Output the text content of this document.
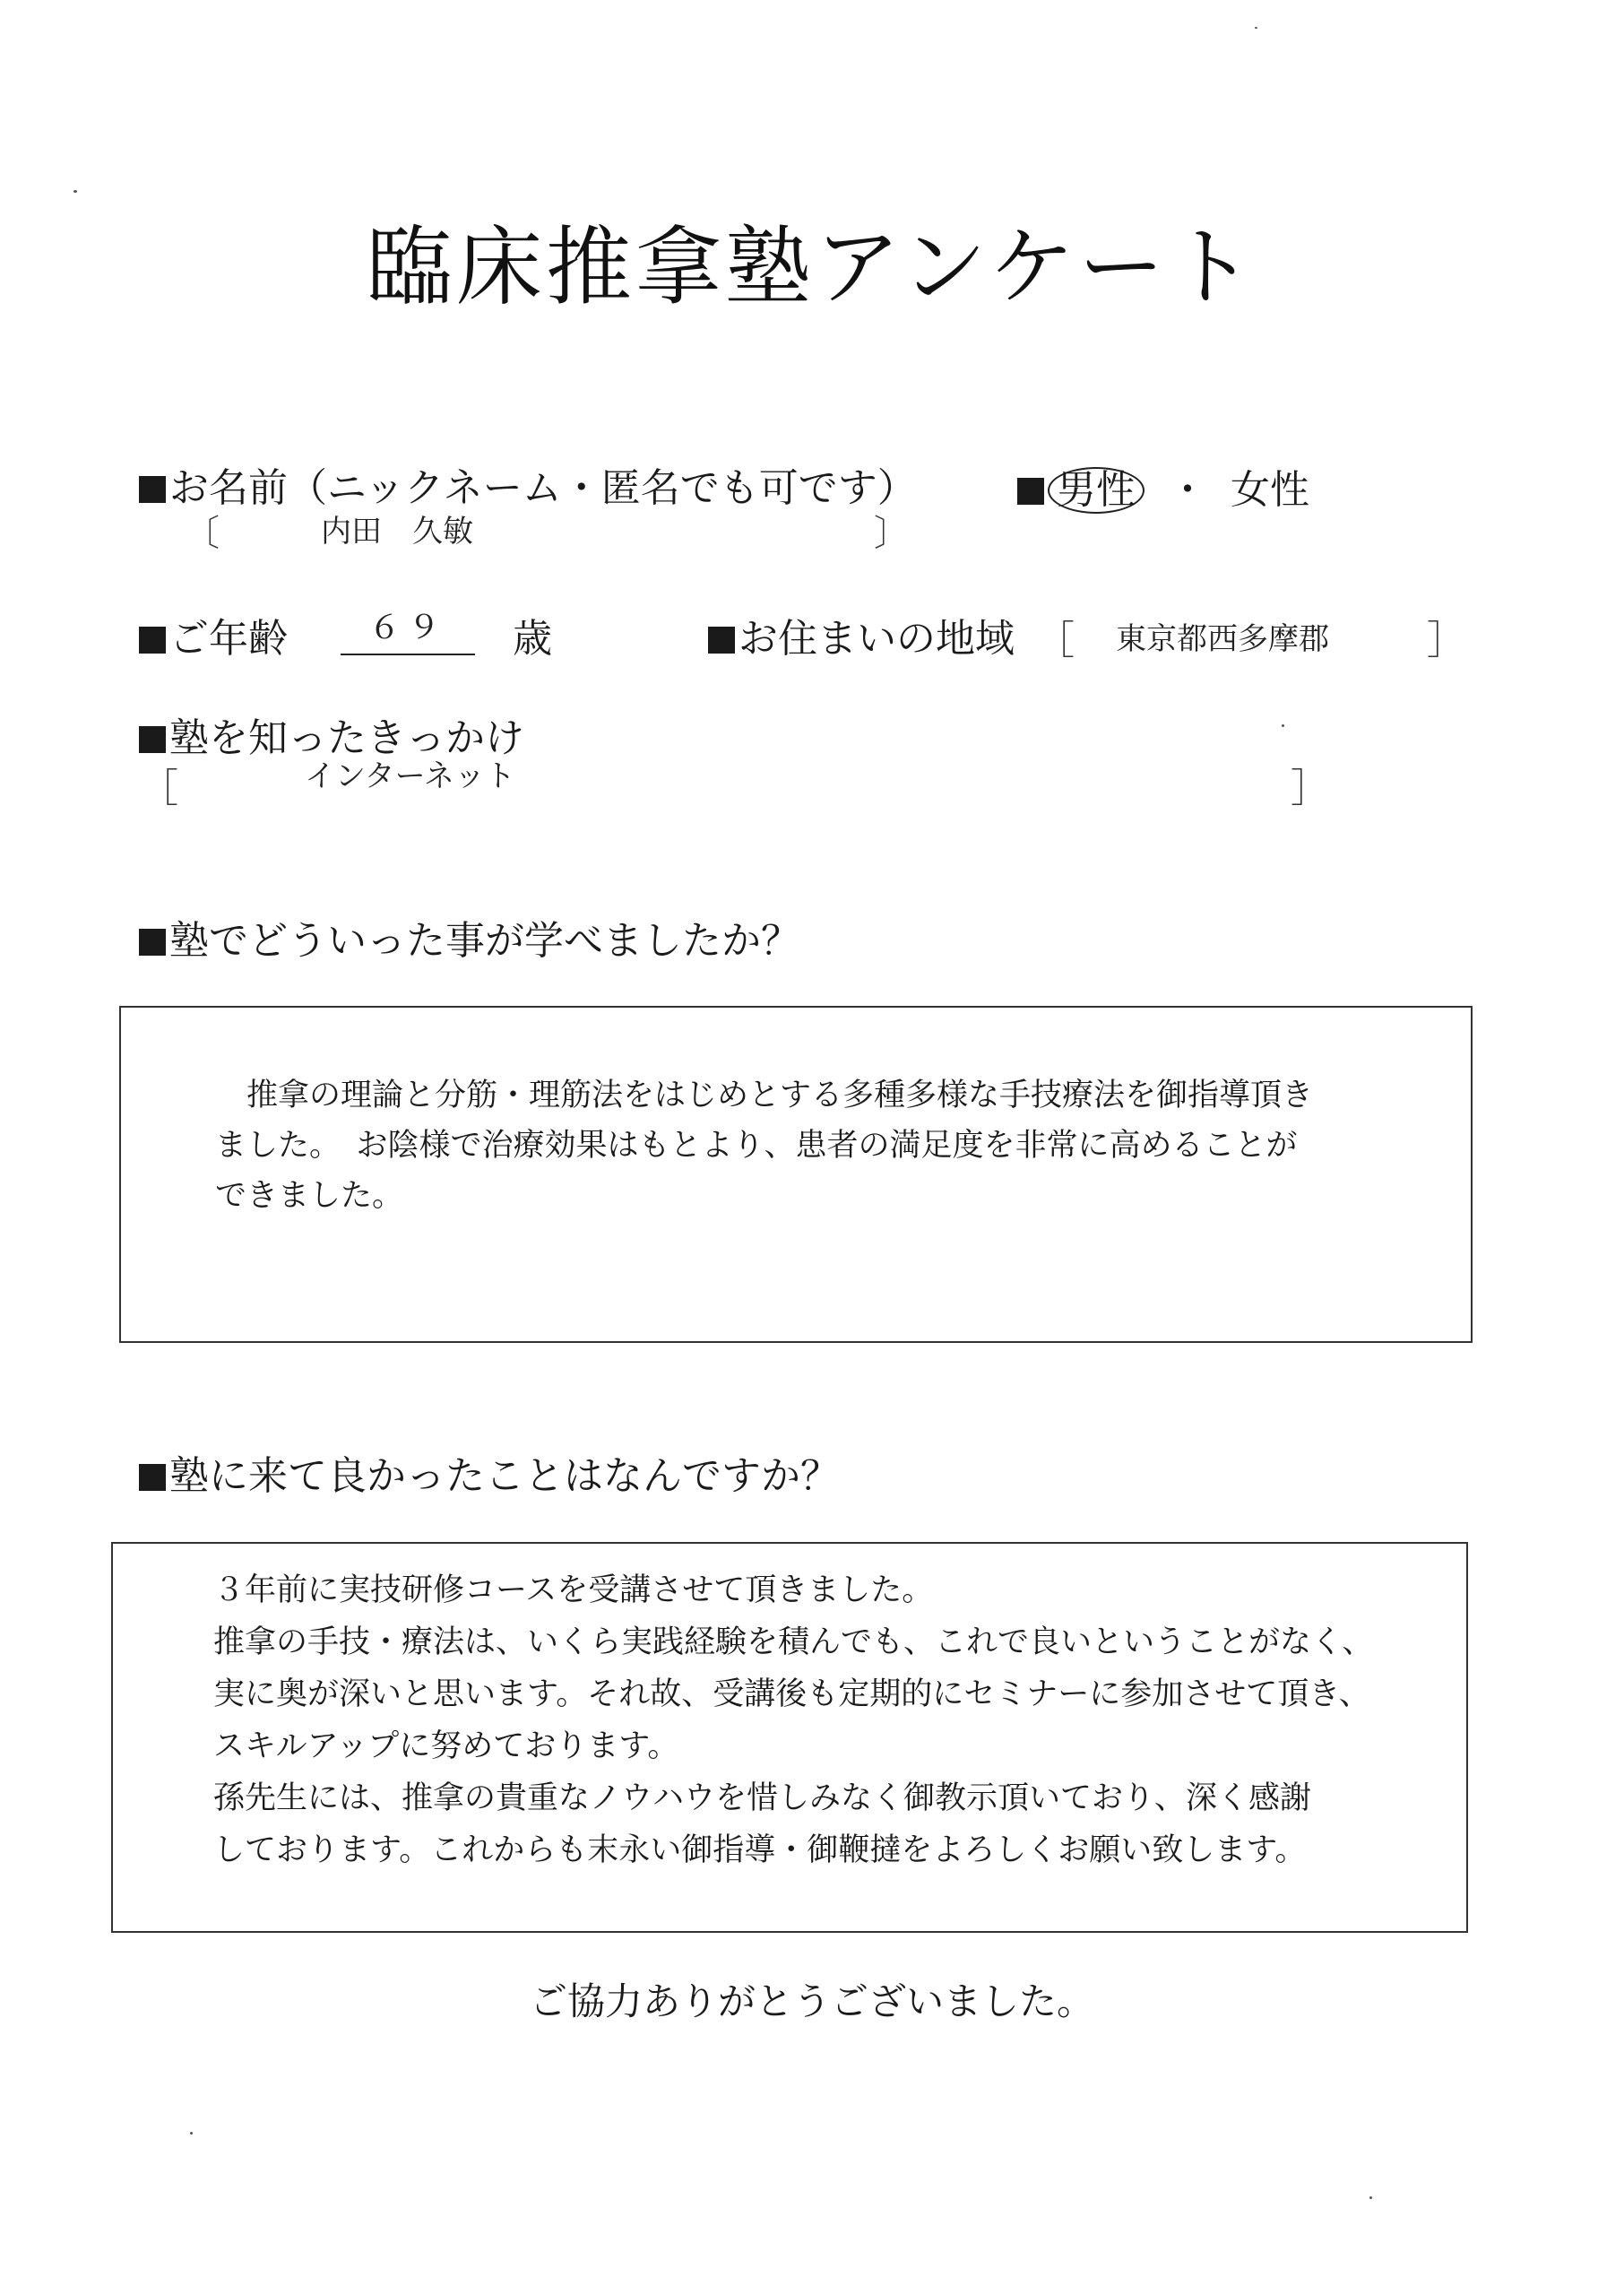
臨床推拿塾アンケート
お名前（ニックネーム・匿名でも可です）
〔	内田　久敏	〕
男性 ・ 女性
ご年齢	６９	歳	お住まいの地域 ［ 東京都西多摩郡 ］
塾を知ったきっかけ
［	インターネット	］
塾でどういった事が学べましたか？
　推拿の理論と分筋・理筋法をはじめとする多種多様な手技療法を御指導頂き
ました。　お陰様で治療効果はもとより、患者の満足度を非常に高めることが
できました。
塾に来て良かったことはなんですか？
３年前に実技研修コースを受講させて頂きました。
推拿の手技・療法は、いくら実践経験を積んでも、これで良いということがなく、
実に奥が深いと思います。それ故、受講後も定期的にセミナーに参加させて頂き、
スキルアップに努めております。
孫先生には、推拿の貴重なノウハウを惜しみなく御教示頂いており、深く感謝
しております。これからも末永い御指導・御鞭撻をよろしくお願い致します。
ご協力ありがとうございました。
